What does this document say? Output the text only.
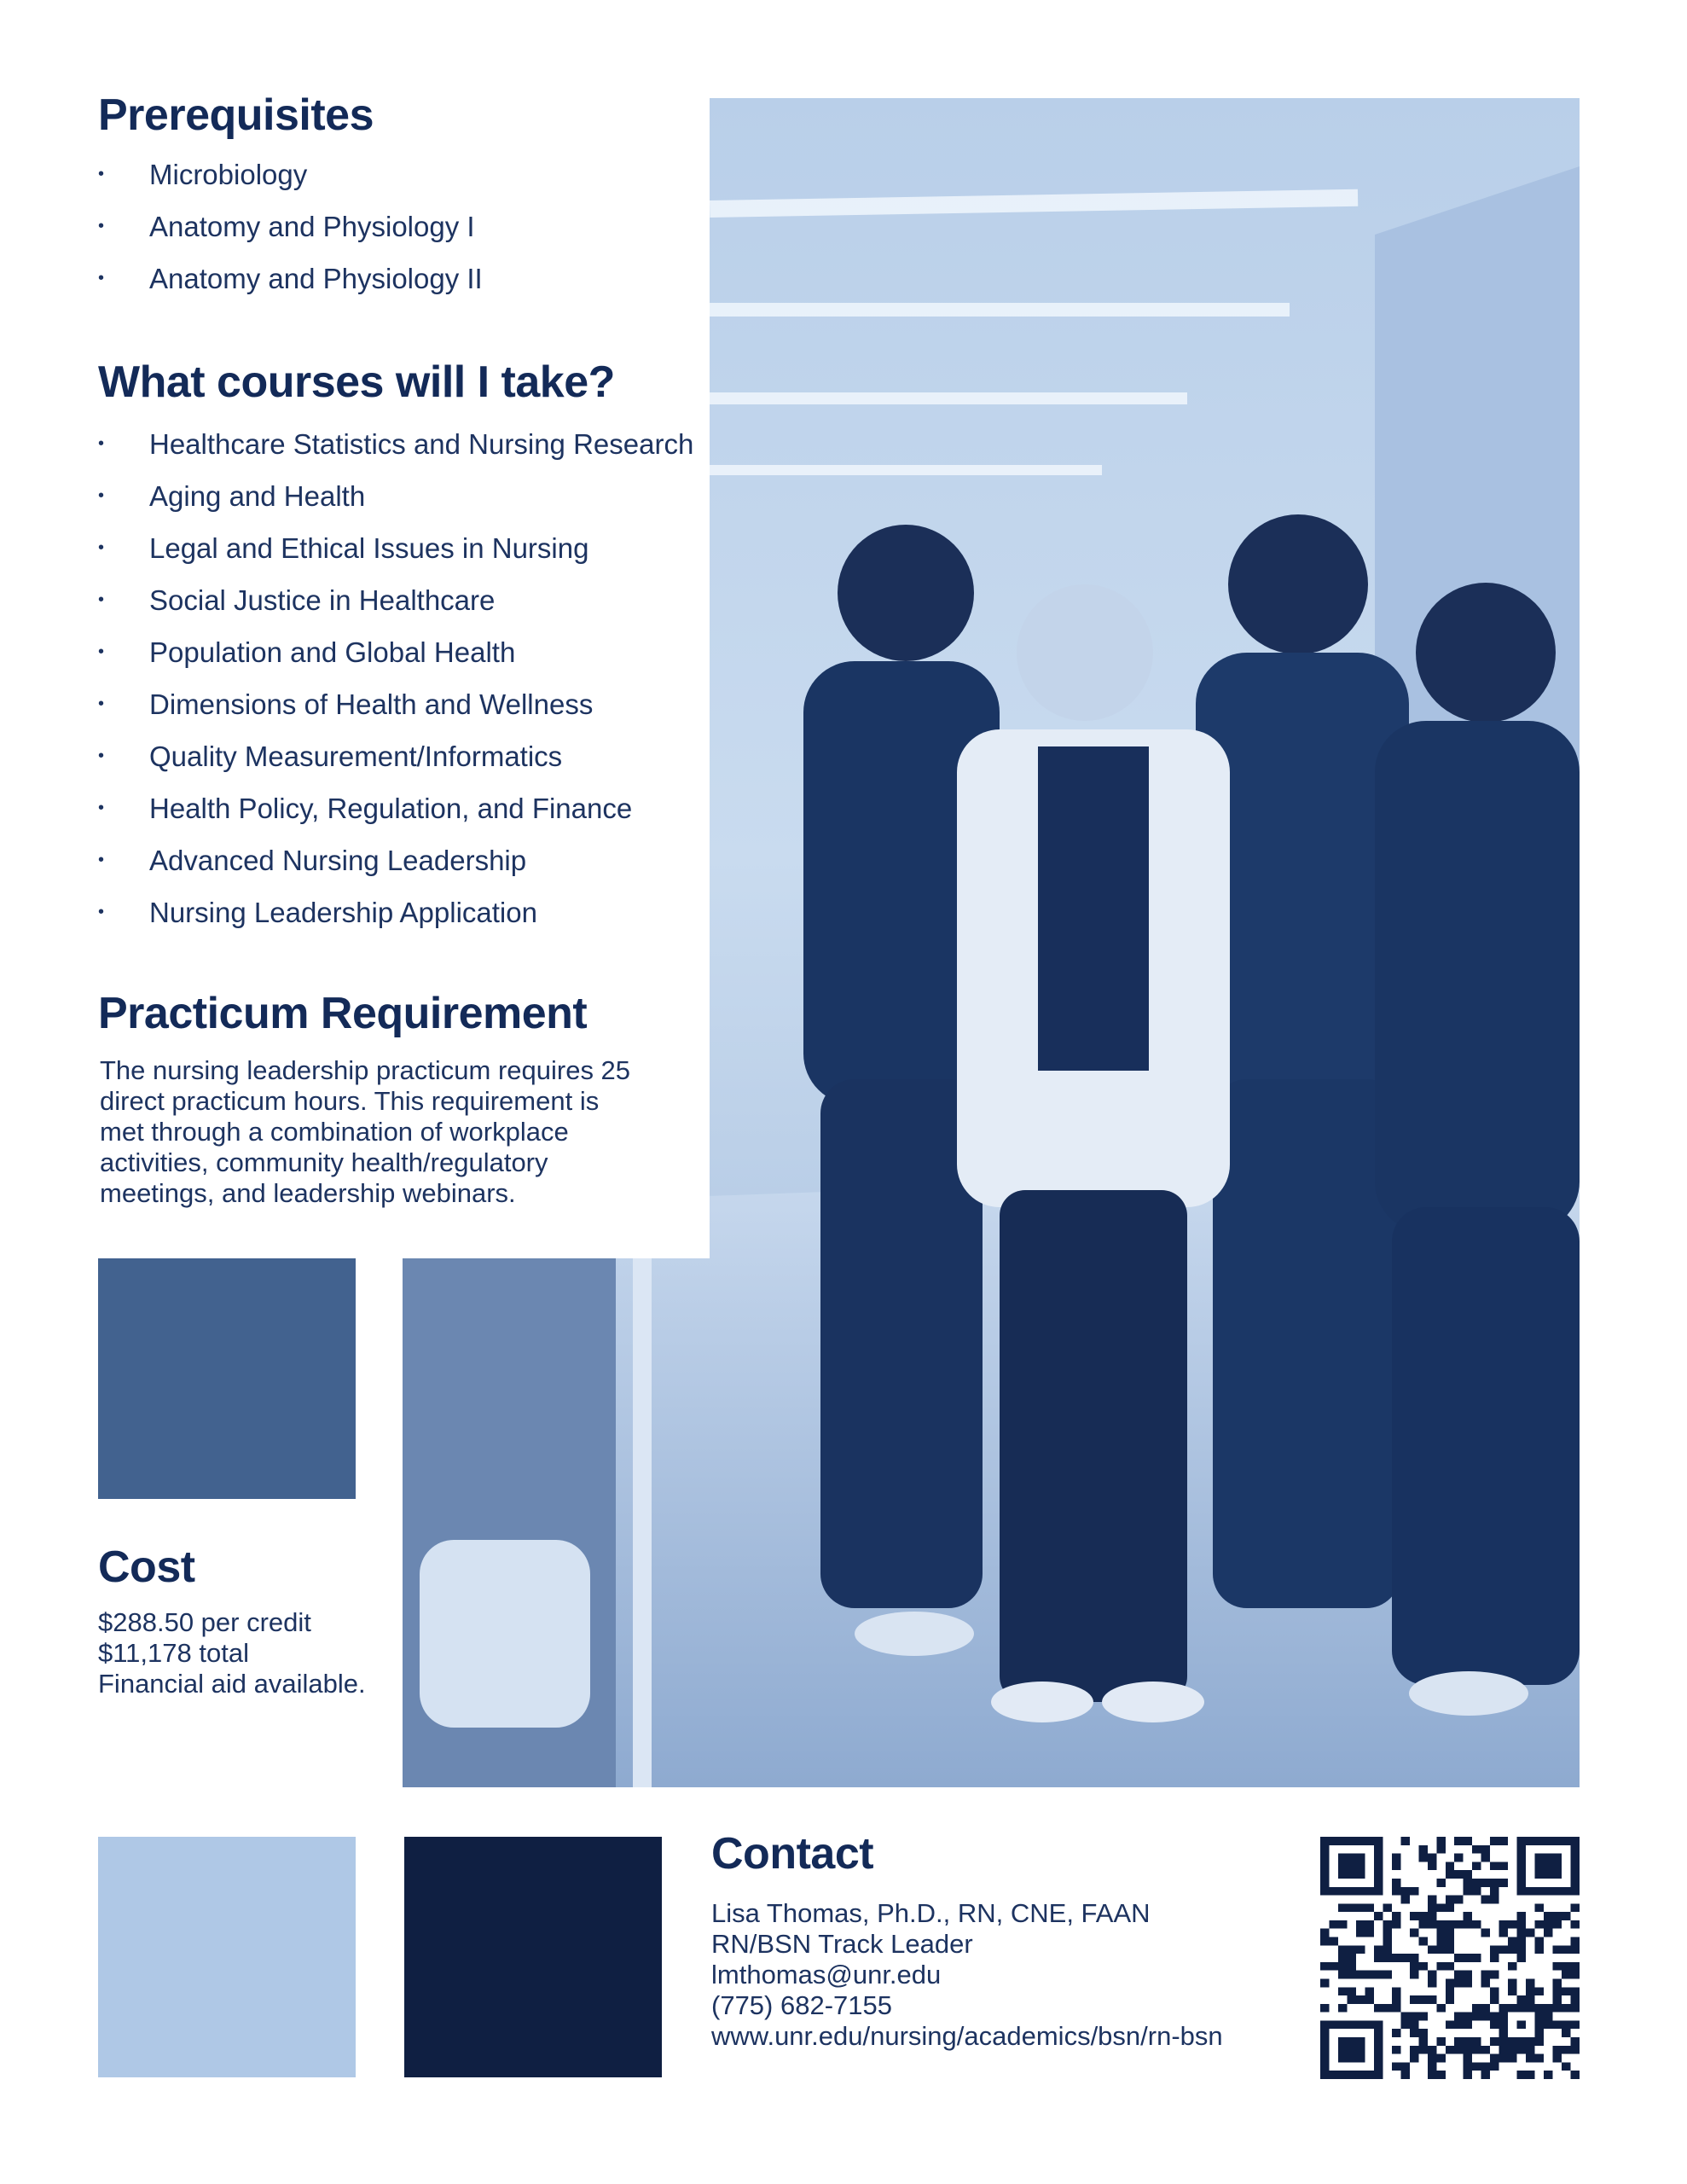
Prerequisites
• Microbiology
• Anatomy and Physiology I
• Anatomy and Physiology II
What courses will I take?
• Healthcare Statistics and Nursing Research
• Aging and Health
• Legal and Ethical Issues in Nursing
• Social Justice in Healthcare
• Population and Global Health
• Dimensions of Health and Wellness
• Quality Measurement/Informatics
• Health Policy, Regulation, and Finance
• Advanced Nursing Leadership
• Nursing Leadership Application
Practicum Requirement
The nursing leadership practicum requires 25
direct practicum hours. This requirement is
met through a combination of workplace
activities, community health/regulatory
meetings, and leadership webinars.
Cost
$288.50 per credit
$11,178 total
Financial aid available.
Contact
Lisa Thomas, Ph.D., RN, CNE, FAAN
RN/BSN Track Leader
lmthomas@unr.edu
(775) 682-7155
www.unr.edu/nursing/academics/bsn/rn-bsn
